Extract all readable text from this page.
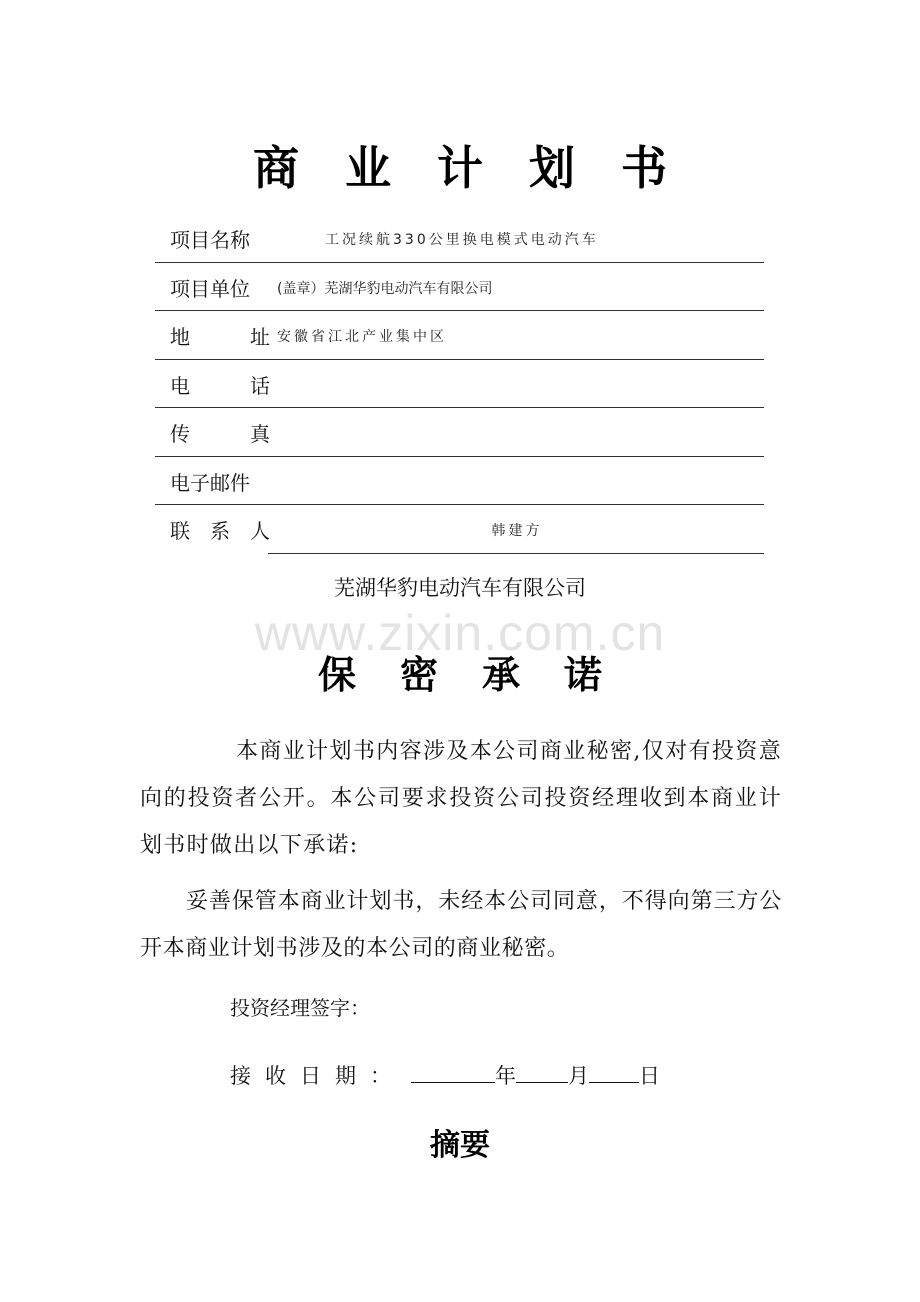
商业计划书
项目名称	工况续航330公里换电模式电动汽车
项目单位	(盖章）芜湖华豹电动汽车有限公司
地	址 安徽省江北产业集中区
电	话
传	真
电子邮件
联 系 人	韩建方
芜湖华豹电动汽车有限公司
www.zixin.com.cn
保密承诺

本商业计划书内容涉及本公司商业秘密,仅对有投资意向的投资者公开。本公司要求投资公司投资经理收到本商业计划书时做出以下承诺:

妥善保管本商业计划书，未经本公司同意，不得向第三方公开本商业计划书涉及的本公司的商业秘密。

投资经理签字：
接收日期：	年 月 日
摘要
